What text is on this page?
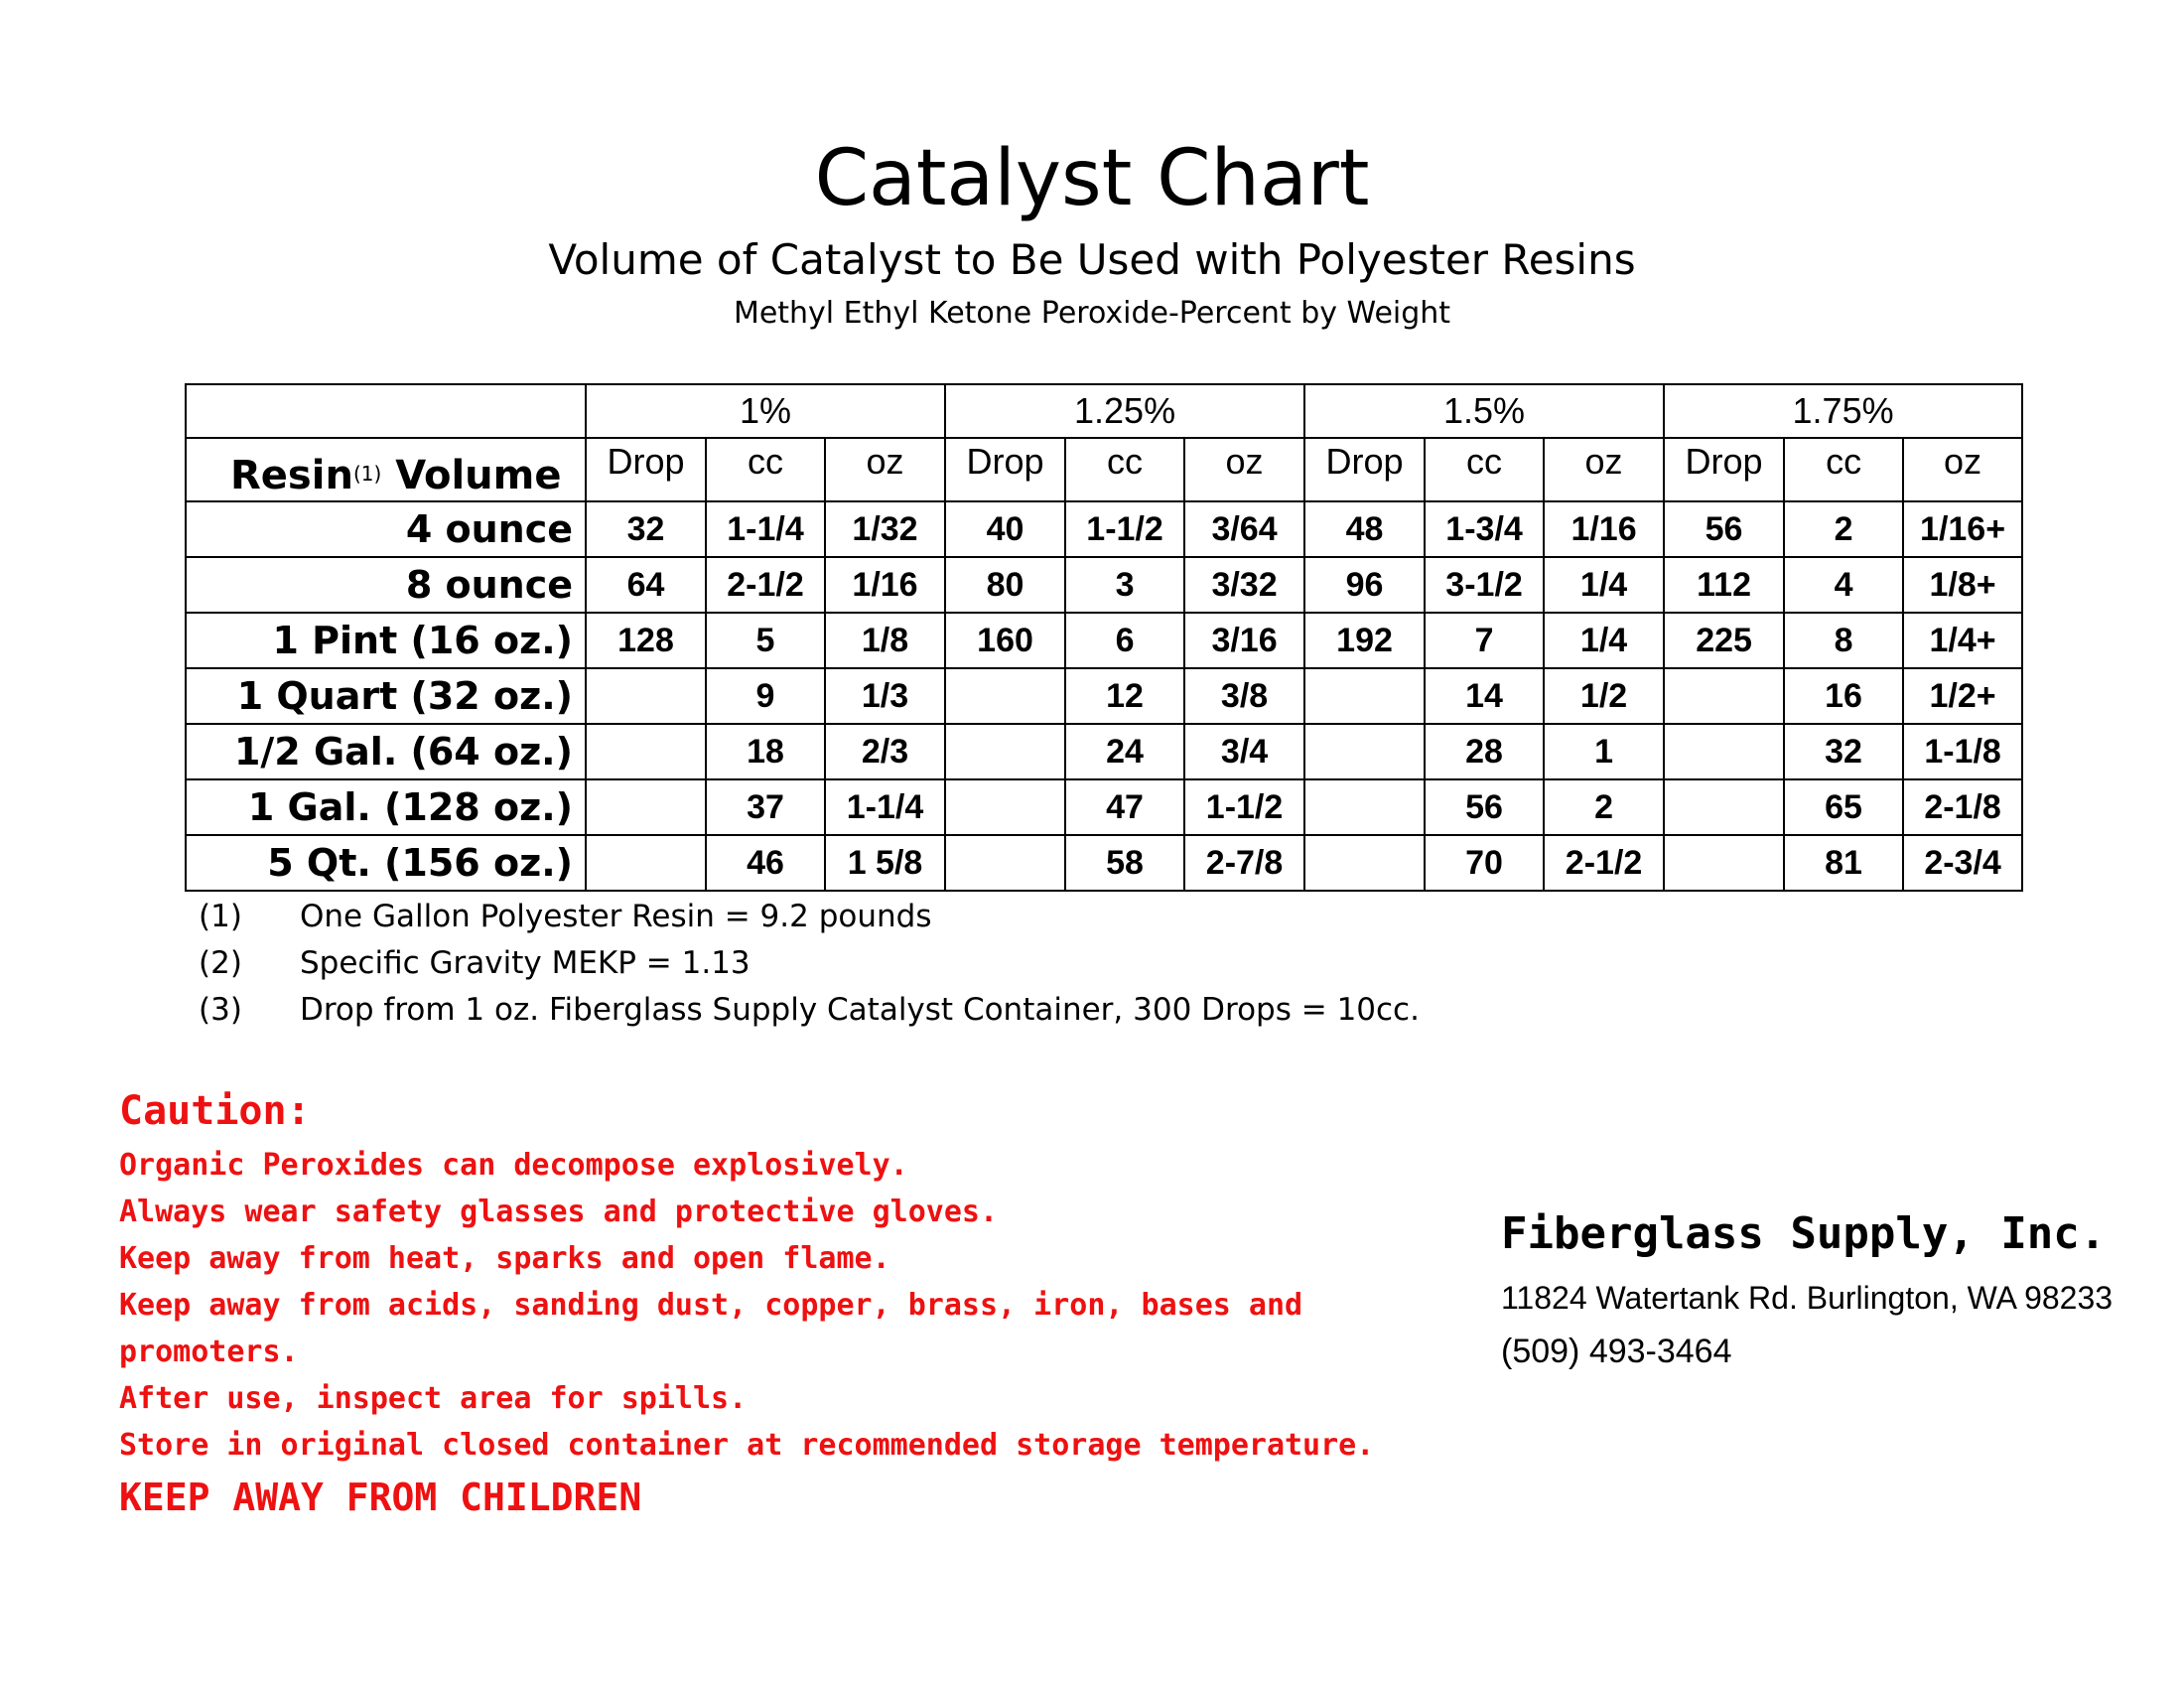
Catalyst Chart
Volume of Catalyst to Be Used with Polyester Resins
Methyl Ethyl Ketone Peroxide-Percent by Weight
	1%			1.25%			1.5%			1.75%		
Resin$^{(1)}$ Volume	Drop	cc	oz	Drop	cc	oz	Drop	cc	oz	Drop	cc	oz
4 ounce	32	1-1/4	1/32	40	1-1/2	3/64	48	1-3/4	1/16	56	2	1/16+
8 ounce	64	2-1/2	1/16	80	3	3/32	96	3-1/2	1/4	112	4	1/8+
1 Pint (16 oz.)	128	5	1/8	160	6	3/16	192	7	1/4	225	8	1/4+
1 Quart (32 oz.)		9	1/3		12	3/8		14	1/2		16	1/2+
1/2 Gal. (64 oz.)		18	2/3		24	3/4		28	1		32	1-1/8
1 Gal. (128 oz.)		37	1-1/4		47	1-1/2		56	2		65	2-1/8
5 Qt. (156 oz.)		46	1 5/8		58	2-7/8		70	2-1/2		81	2-3/4
(1) One Gallon Polyester Resin = 9.2 pounds
(2) Specific Gravity MEKP = 1.13
(3) Drop from 1 oz. Fiberglass Supply Catalyst Container, 300 Drops = 10cc.
Caution:
Organic Peroxides can decompose explosively.
Always wear safety glasses and protective gloves.
Keep away from heat, sparks and open flame.
Keep away from acids, sanding dust, copper, brass, iron, bases and
promoters.
After use, inspect area for spills.
Store in original closed container at recommended storage temperature.
KEEP AWAY FROM CHILDREN
Fiberglass Supply, Inc.
11824 Watertank Rd. Burlington, WA 98233
(509) 493-3464
